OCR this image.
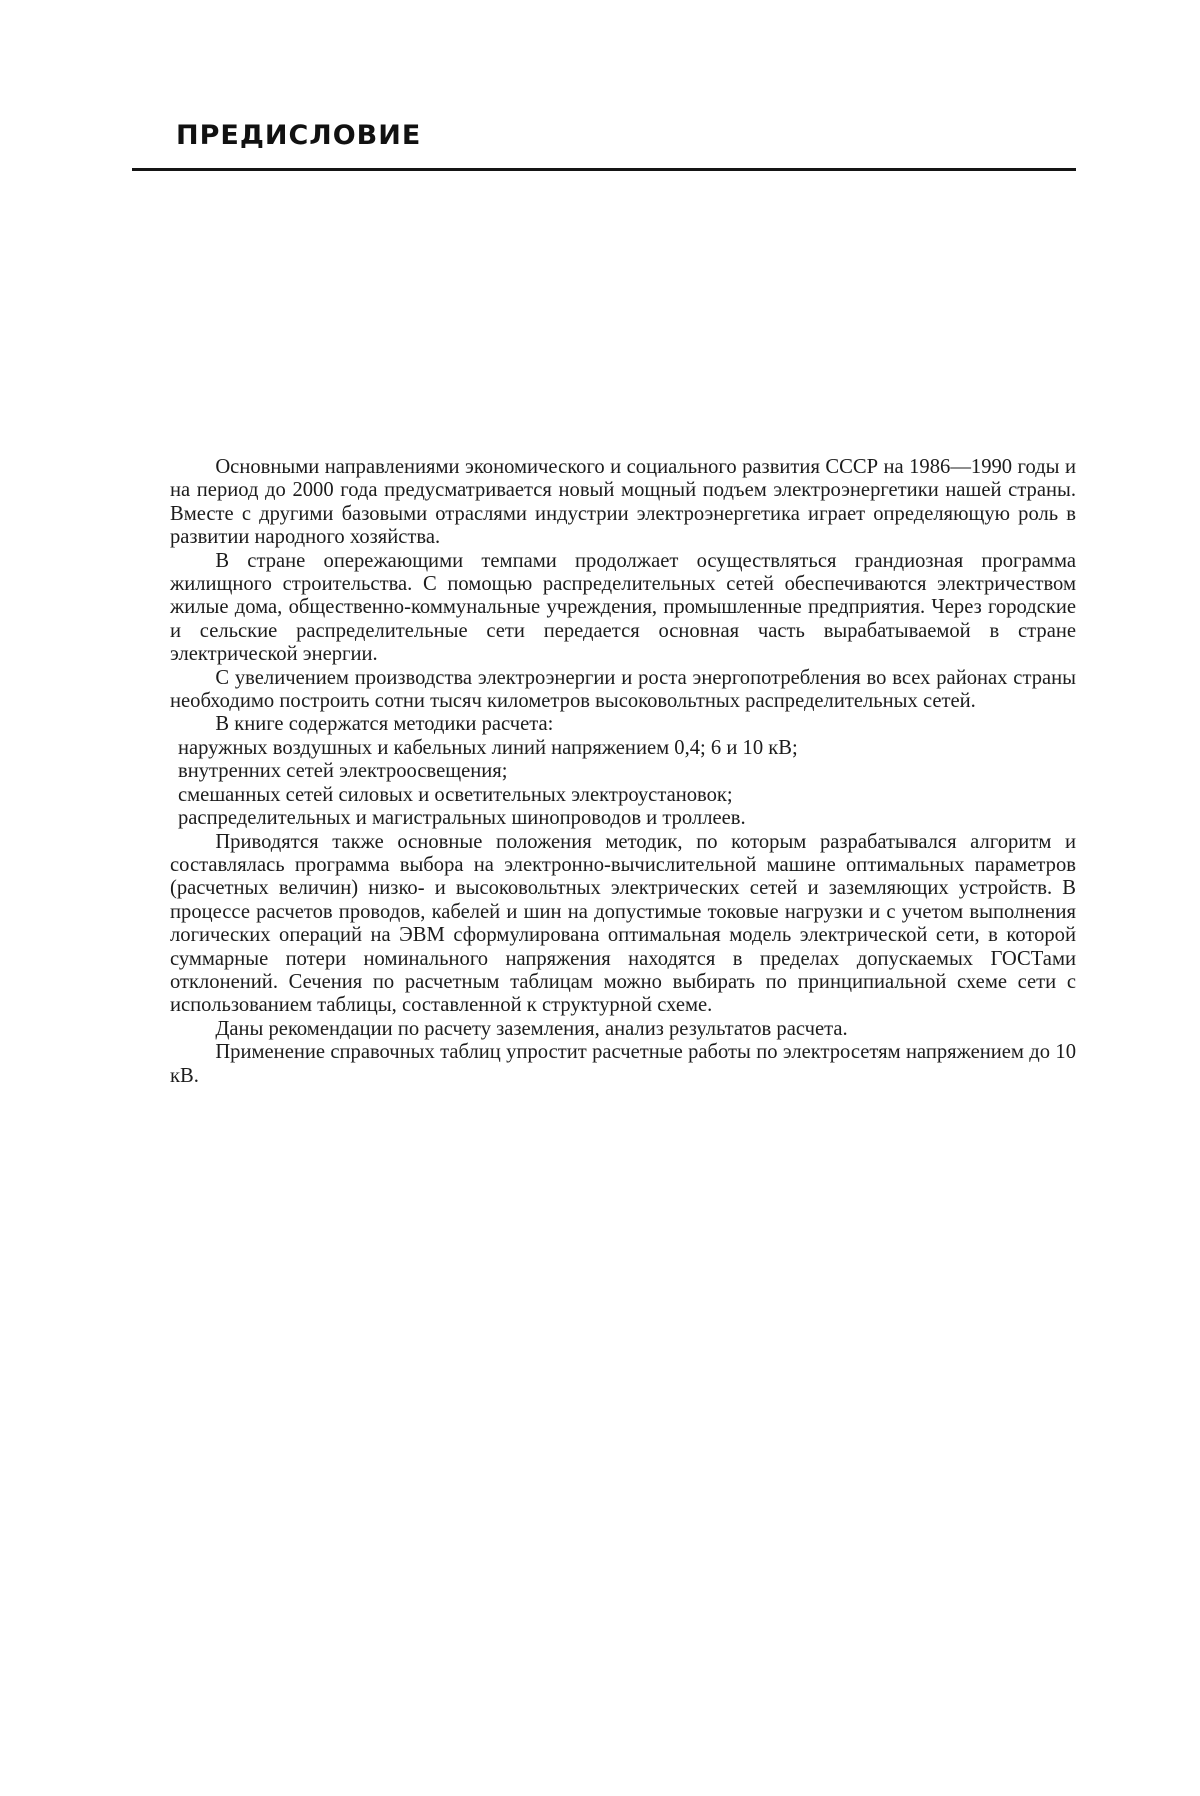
ПРЕДИСЛОВИЕ

Основными направлениями экономического и социального развития СССР на 1986—1990 годы и на период до 2000 года предусматривается новый мощный подъем электроэнергетики нашей страны. Вместе с другими базовыми отраслями индустрии электроэнергетика играет определяющую роль в развитии народного хозяйства.

В стране опережающими темпами продолжает осуществляться грандиозная программа жилищного строительства. С помощью распределительных сетей обеспечиваются электричеством жилые дома, общественно-коммунальные учреждения, промышленные предприятия. Через городские и сельские распределительные сети передается основная часть вырабатываемой в стране электрической энергии.

С увеличением производства электроэнергии и роста энергопотребления во всех районах страны необходимо построить сотни тысяч километров высоковольтных распределительных сетей.

В книге содержатся методики расчета:

наружных воздушных и кабельных линий напряжением 0,4; 6 и 10 кВ;
внутренних сетей электроосвещения;
смешанных сетей силовых и осветительных электроустановок;
распределительных и магистральных шинопроводов и троллеев.

Приводятся также основные положения методик, по которым разрабатывался алгоритм и составлялась программа выбора на электронно-вычислительной машине оптимальных параметров (расчетных величин) низко- и высоковольтных электрических сетей и заземляющих устройств. В процессе расчетов проводов, кабелей и шин на допустимые токовые нагрузки и с учетом выполнения логических операций на ЭВМ сформулирована оптимальная модель электрической сети, в которой суммарные потери номинального напряжения находятся в пределах допускаемых ГОСТами отклонений. Сечения по расчетным таблицам можно выбирать по принципиальной схеме сети с использованием таблицы, составленной к структурной схеме.

Даны рекомендации по расчету заземления, анализ результатов расчета.

Применение справочных таблиц упростит расчетные работы по электросетям напряжением до 10 кВ.
